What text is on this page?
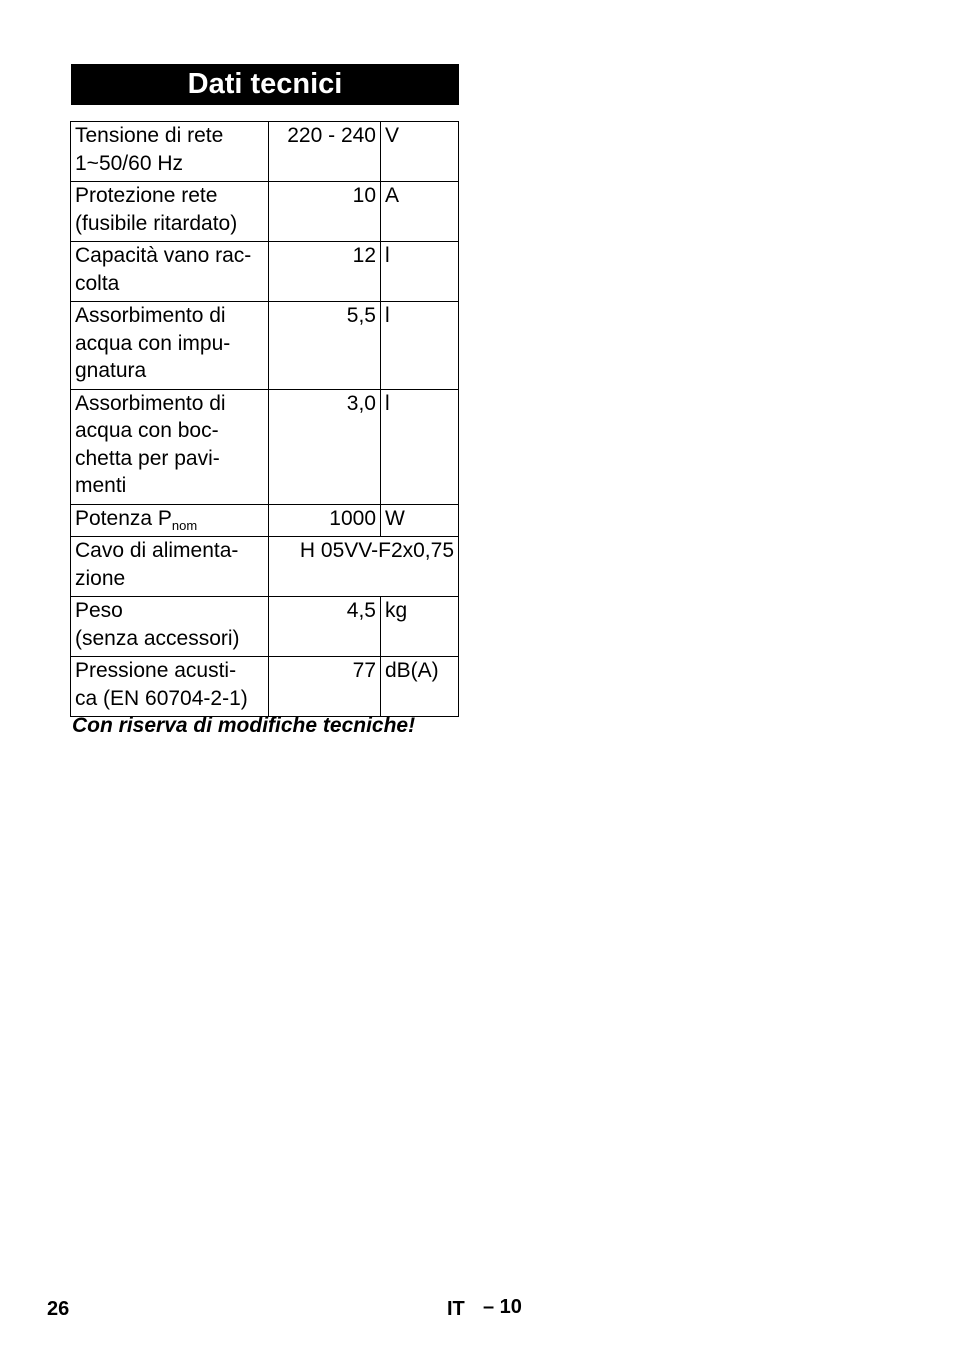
Dati tecnici
Tensione di rete
1~50/60 Hz	220 - 240	V
Protezione rete
(fusibile ritardato)	10	A
Capacità vano rac-
colta	12	l
Assorbimento di
acqua con impu-
gnatura	5,5	l
Assorbimento di
acqua con boc-
chetta per pavi-
menti	3,0	l
Potenza $P_{nom}$	1000	W
Cavo di alimenta-
zione	H 05VV-F2x0,75	
Peso
(senza accessori)	4,5	kg
Pressione acusti-
ca (EN 60704-2-1)	77	dB(A)
Con riserva di modifiche tecniche!
26	IT – 10
